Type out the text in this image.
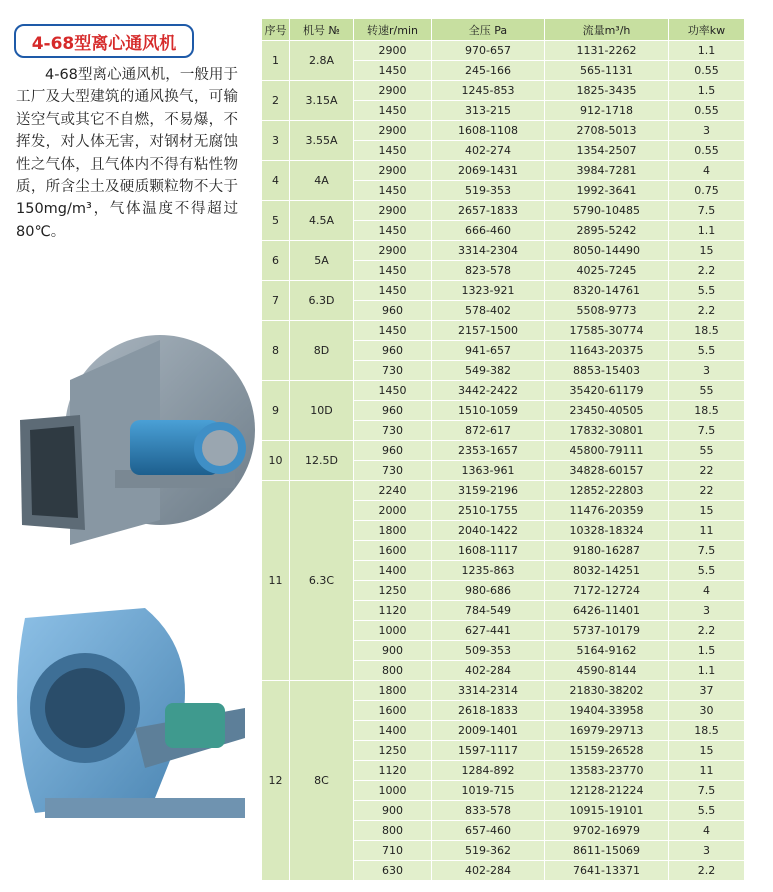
4-68型离心通风机

4-68型离心通风机，一般用于工厂及大型建筑的通风换气，可输送空气或其它不自燃，不易爆，不挥发，对人体无害，对钢材无腐蚀性之气体，且气体内不得有粘性物质，所含尘土及硬质颗粒物不大于150mg/m³，气体温度不得超过80℃。

序号	机号 №	转速r/min	全压 Pa	流量m³/h	功率kw
1	2.8A	2900	970-657	1131-2262	1.1
		1450	245-166	565-1131	0.55
2	3.15A	2900	1245-853	1825-3435	1.5
		1450	313-215	912-1718	0.55
3	3.55A	2900	1608-1108	2708-5013	3
		1450	402-274	1354-2507	0.55
4	4A	2900	2069-1431	3984-7281	4
		1450	519-353	1992-3641	0.75
5	4.5A	2900	2657-1833	5790-10485	7.5
		1450	666-460	2895-5242	1.1
6	5A	2900	3314-2304	8050-14490	15
		1450	823-578	4025-7245	2.2
7	6.3D	1450	1323-921	8320-14761	5.5
		960	578-402	5508-9773	2.2
8	8D	1450	2157-1500	17585-30774	18.5
		960	941-657	11643-20375	5.5
		730	549-382	8853-15403	3
9	10D	1450	3442-2422	35420-61179	55
		960	1510-1059	23450-40505	18.5
		730	872-617	17832-30801	7.5
10	12.5D	960	2353-1657	45800-79111	55
		730	1363-961	34828-60157	22
11	6.3C	2240	3159-2196	12852-22803	22
		2000	2510-1755	11476-20359	15
		1800	2040-1422	10328-18324	11
		1600	1608-1117	9180-16287	7.5
		1400	1235-863	8032-14251	5.5
		1250	980-686	7172-12724	4
		1120	784-549	6426-11401	3
		1000	627-441	5737-10179	2.2
		900	509-353	5164-9162	1.5
		800	402-284	4590-8144	1.1
12	8C	1800	3314-2314	21830-38202	37
		1600	2618-1833	19404-33958	30
		1400	2009-1401	16979-29713	18.5
		1250	1597-1117	15159-26528	15
		1120	1284-892	13583-23770	11
		1000	1019-715	12128-21224	7.5
		900	833-578	10915-19101	5.5
		800	657-460	9702-16979	4
		710	519-362	8611-15069	3
		630	402-284	7641-13371	2.2
